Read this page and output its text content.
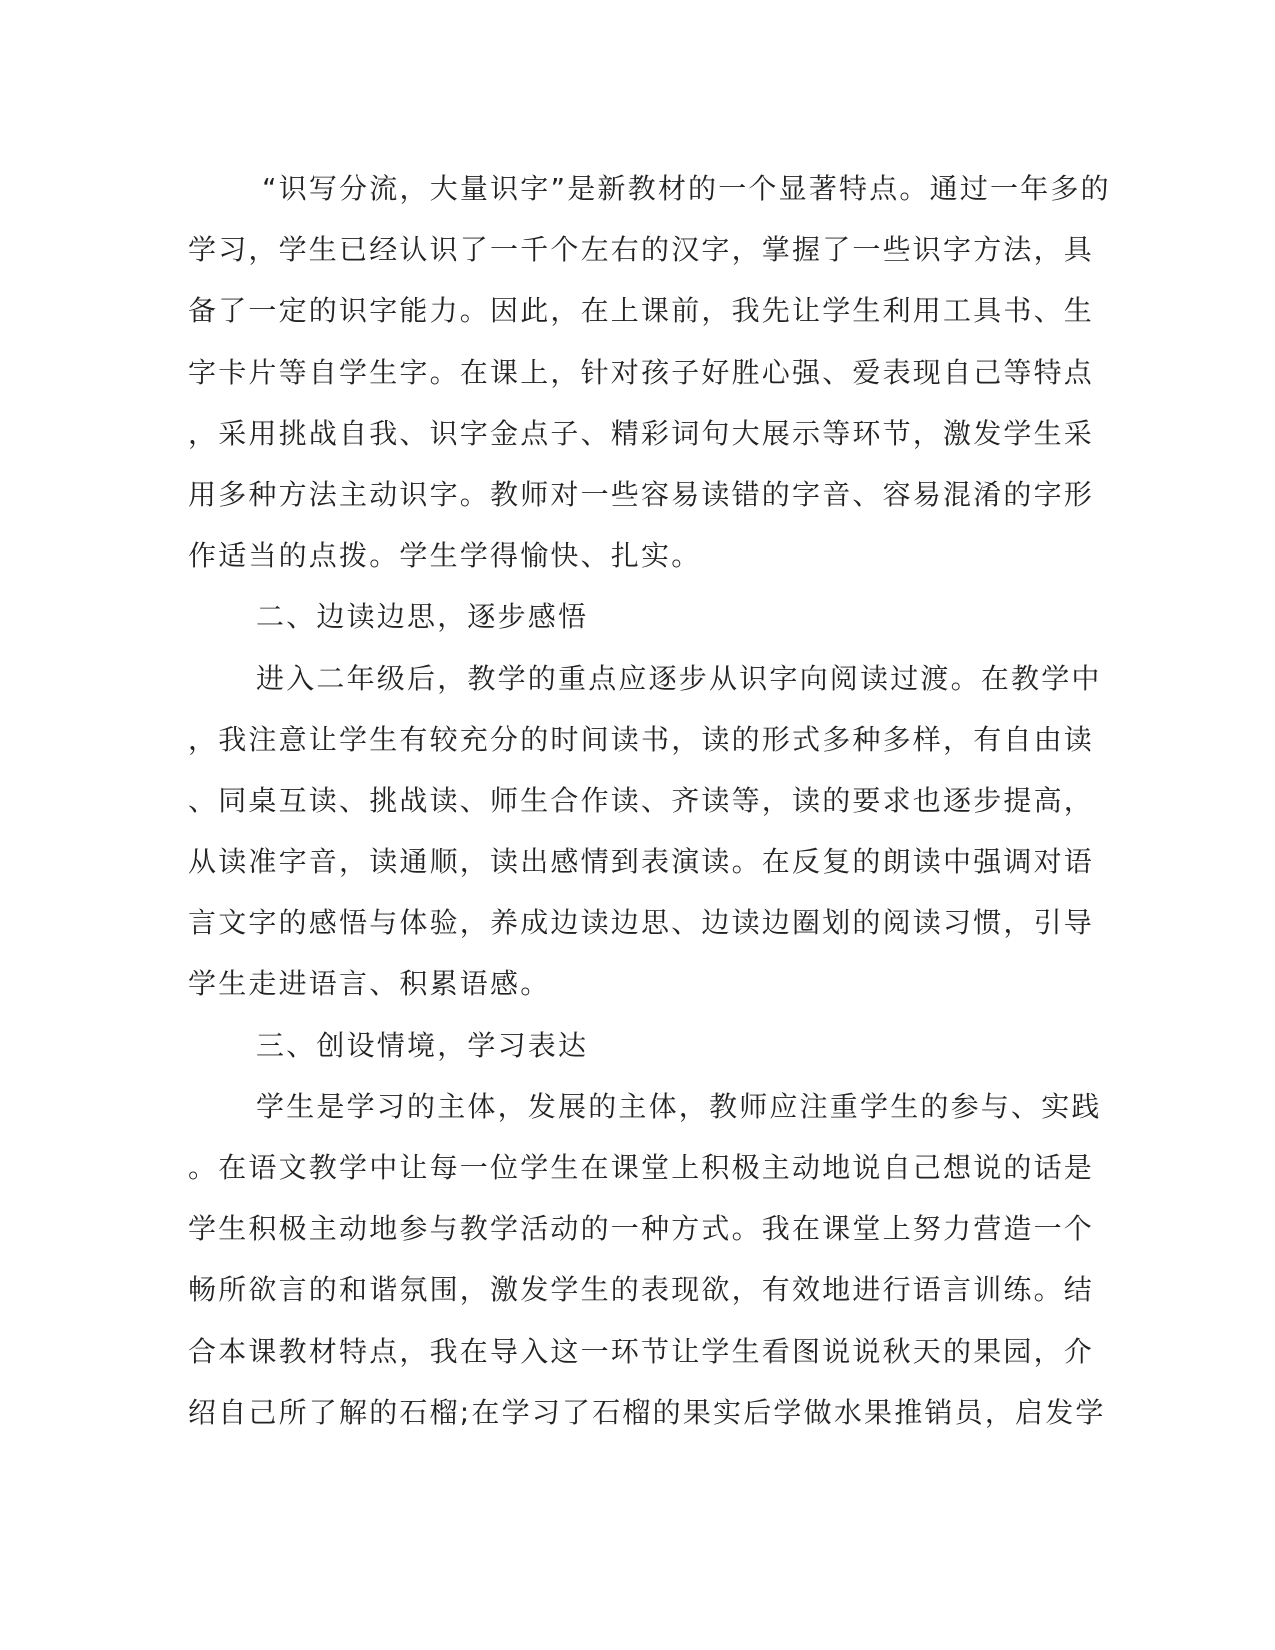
“识写分流，大量识字”是新教材的一个显著特点。通过一年多的
学习，学生已经认识了一千个左右的汉字，掌握了一些识字方法，具
备了一定的识字能力。因此，在上课前，我先让学生利用工具书、生
字卡片等自学生字。在课上，针对孩子好胜心强、爱表现自己等特点
，采用挑战自我、识字金点子、精彩词句大展示等环节，激发学生采
用多种方法主动识字。教师对一些容易读错的字音、容易混淆的字形
作适当的点拨。学生学得愉快、扎实。
二、边读边思，逐步感悟
进入二年级后，教学的重点应逐步从识字向阅读过渡。在教学中
，我注意让学生有较充分的时间读书，读的形式多种多样，有自由读
、同桌互读、挑战读、师生合作读、齐读等，读的要求也逐步提高，
从读准字音，读通顺，读出感情到表演读。在反复的朗读中强调对语
言文字的感悟与体验，养成边读边思、边读边圈划的阅读习惯，引导
学生走进语言、积累语感。
三、创设情境，学习表达
学生是学习的主体，发展的主体，教师应注重学生的参与、实践
。在语文教学中让每一位学生在课堂上积极主动地说自己想说的话是
学生积极主动地参与教学活动的一种方式。我在课堂上努力营造一个
畅所欲言的和谐氛围，激发学生的表现欲，有效地进行语言训练。结
合本课教材特点，我在导入这一环节让学生看图说说秋天的果园，介
绍自己所了解的石榴;在学习了石榴的果实后学做水果推销员，启发学
